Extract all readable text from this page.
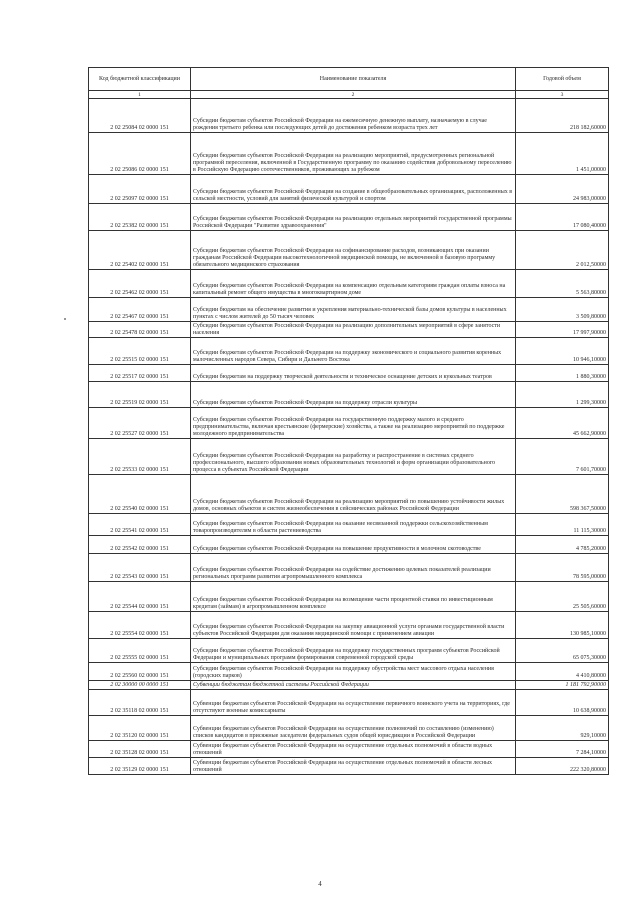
Код бюджетной классификации	Наименование показателя	Годовой объем
1	2	3
2 02 25084 02 0000 151	Субсидии бюджетам субъектов Российской Федерации на ежемесячную денежную выплату, назначаемую в случае рождения третьего ребенка или последующих детей до достижения ребенком возраста трех лет	218 182,60000
2 02 25086 02 0000 151	Субсидии бюджетам субъектов Российской Федерации на реализацию мероприятий, предусмотренных региональной программой переселения, включенной в Государственную программу по оказанию содействия добровольному переселению в Российскую Федерацию соотечественников, проживающих за рубежом	1 451,00000
2 02 25097 02 0000 151	Субсидии бюджетам субъектов Российской Федерации на создание в общеобразовательных организациях, расположенных в сельской местности, условий для занятий физической культурой и спортом	24 983,00000
2 02 25382 02 0000 151	Субсидии бюджетам субъектов Российской Федерации на реализацию отдельных мероприятий государственной программы Российской Федерации "Развитие здравоохранения"	17 080,40000
2 02 25402 02 0000 151	Субсидии бюджетам субъектов Российской Федерации на софинансирование расходов, возникающих при оказании гражданам Российской Федерации высокотехнологичной медицинской помощи, не включенной в базовую программу обязательного медицинского страхования	2 012,50000
2 02 25462 02 0000 151	Субсидии бюджетам субъектов Российской Федерации на компенсацию отдельным категориям граждан оплаты взноса на капитальный ремонт общего имущества в многоквартирном доме	5 563,80000
2 02 25467 02 0000 151	Субсидии бюджетам на обеспечение развития и укрепления материально-технической базы домов культуры в населенных пунктах с числом жителей до 50 тысяч человек	3 509,80000
2 02 25478 02 0000 151	Субсидии бюджетам субъектов Российской Федерации на реализацию дополнительных мероприятий в сфере занятости населения	17 997,90000
2 02 25515 02 0000 151	Субсидии бюджетам субъектов Российской Федерации на поддержку экономического и социального развития коренных малочисленных народов Севера, Сибири и Дальнего Востока	10 946,10000
2 02 25517 02 0000 151	Субсидии бюджетам на поддержку творческой деятельности и техническое оснащение детских и кукольных театров	1 880,30000
2 02 25519 02 0000 151	Субсидии бюджетам субъектов Российской Федерации на поддержку отрасли культуры	1 299,30000
2 02 25527 02 0000 151	Субсидии бюджетам субъектов Российской Федерации на государственную поддержку малого и среднего предпринимательства, включая крестьянские (фермерские) хозяйства, а также на реализацию мероприятий по поддержке молодежного предпринимательства	45 662,90000
2 02 25533 02 0000 151	Субсидии бюджетам субъектов Российской Федерации на разработку и распространение в системах среднего профессионального, высшего образования новых образовательных технологий и форм организации образовательного процесса в субъектах Российской Федерации	7 601,70000
2 02 25540 02 0000 151	Субсидии бюджетам субъектов Российской Федерации на реализацию мероприятий по повышению устойчивости жилых домов, основных объектов и систем жизнеобеспечения в сейсмических районах Российской Федерации	598 367,50000
2 02 25541 02 0000 151	Субсидии бюджетам субъектов Российской Федерации на оказание несвязанной поддержки сельскохозяйственным товаропроизводителям в области растениеводства	11 115,30000
2 02 25542 02 0000 151	Субсидии бюджетам субъектов Российской Федерации на повышение продуктивности в молочном скотоводстве	4 785,20000
2 02 25543 02 0000 151	Субсидии бюджетам субъектов Российской Федерации на содействие достижению целевых показателей реализации региональных программ развития агропромышленного комплекса	78 595,00000
2 02 25544 02 0000 151	Субсидии бюджетам субъектов Российской Федерации на возмещение части процентной ставки по инвестиционным кредитам (займам) в агропромышленном комплексе	25 505,60000
2 02 25554 02 0000 151	Субсидии бюджетам субъектов Российской Федерации на закупку авиационной услуги органами государственной власти субъектов Российской Федерации для оказания медицинской помощи с применением авиации	130 985,10000
2 02 25555 02 0000 151	Субсидии бюджетам субъектов Российской Федерации на поддержку государственных программ субъектов Российской Федерации и муниципальных программ формирования современной городской среды	65 075,30000
2 02 25560 02 0000 151	Субсидии бюджетам субъектов Российской Федерации на поддержку обустройства мест массового отдыха населения (городских парков)	4 410,80000
2 02 30000 00 0000 151	Субвенции бюджетам бюджетной системы Российской Федерации	1 181 792,90000
2 02 35118 02 0000 151	Субвенции бюджетам субъектов Российской Федерации на осуществление первичного воинского учета на территориях, где отсутствуют военные комиссариаты	10 638,90000
2 02 35120 02 0000 151	Субвенции бюджетам субъектов Российской Федерации на осуществление полномочий по составлению (изменению) списков кандидатов в присяжные заседатели федеральных судов общей юрисдикции в Российской Федерации	929,10000
2 02 35128 02 0000 151	Субвенции бюджетам субъектов Российской Федерации на осуществление отдельных полномочий в области водных отношений	7 284,10000
2 02 35129 02 0000 151	Субвенции бюджетам субъектов Российской Федерации на осуществление отдельных полномочий в области лесных отношений	222 320,80000
4
